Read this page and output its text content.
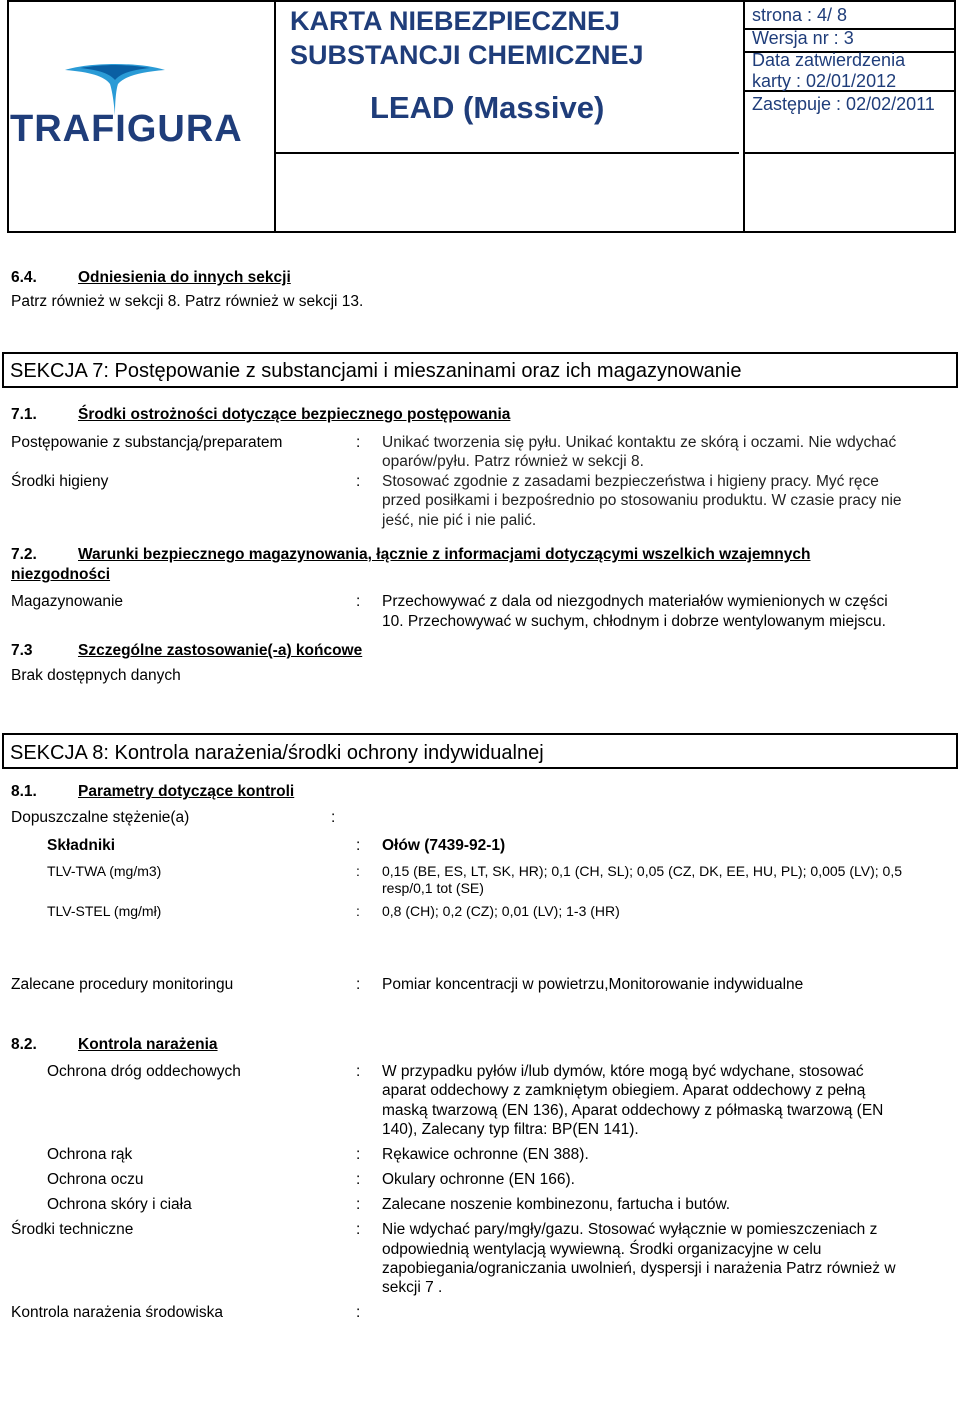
TRAFIGURA
KARTA NIEBEZPIECZNEJ
SUBSTANCJI CHEMICZNEJ
LEAD (Massive)
strona : 4/ 8
Wersja nr : 3
Data zatwierdzenia
karty : 02/01/2012
Zastępuje : 02/02/2011
6.4.	Odniesienia do innych sekcji
Patrz również w sekcji 8. Patrz również w sekcji 13.
SEKCJA 7: Postępowanie z substancjami i mieszaninami oraz ich magazynowanie
7.1.	Środki ostrożności dotyczące bezpiecznego postępowania
Postępowanie z substancją/preparatem	: Unikać tworzenia się pyłu. Unikać kontaktu ze skórą i oczami. Nie wdychać
oparów/pyłu. Patrz również w sekcji 8.
Środki higieny	: Stosować zgodnie z zasadami bezpieczeństwa i higieny pracy. Myć ręce
przed posiłkami i bezpośrednio po stosowaniu produktu. W czasie pracy nie
jeść, nie pić i nie palić.
7.2.	Warunki bezpiecznego magazynowania, łącznie z informacjami dotyczącymi wszelkich wzajemnych
niezgodności
Magazynowanie	: Przechowywać z dala od niezgodnych materiałów wymienionych w części
10. Przechowywać w suchym, chłodnym i dobrze wentylowanym miejscu.
7.3	Szczególne zastosowanie(-a) końcowe
Brak dostępnych danych
SEKCJA 8: Kontrola narażenia/środki ochrony indywidualnej
8.1.	Parametry dotyczące kontroli
Dopuszczalne stężenie(a)	:
Składniki	: Ołów (7439-92-1)
TLV-TWA (mg/m3)	: 0,15 (BE, ES, LT, SK, HR); 0,1 (CH, SL); 0,05 (CZ, DK, EE, HU, PL); 0,005 (LV); 0,5
resp/0,1 tot (SE)
TLV-STEL (mg/mł)	: 0,8 (CH); 0,2 (CZ); 0,01 (LV); 1-3 (HR)
Zalecane procedury monitoringu	: Pomiar koncentracji w powietrzu,Monitorowanie indywidualne
8.2.	Kontrola narażenia
Ochrona dróg oddechowych	: W przypadku pyłów i/lub dymów, które mogą być wdychane, stosować
aparat oddechowy z zamkniętym obiegiem. Aparat oddechowy z pełną
maską twarzową (EN 136), Aparat oddechowy z półmaską twarzową (EN
140), Zalecany typ filtra: BP(EN 141).
Ochrona rąk	: Rękawice ochronne (EN 388).
Ochrona oczu	: Okulary ochronne (EN 166).
Ochrona skóry i ciała	: Zalecane noszenie kombinezonu, fartucha i butów.
Środki techniczne	: Nie wdychać pary/mgły/gazu. Stosować wyłącznie w pomieszczeniach z
odpowiednią wentylacją wywiewną. Środki organizacyjne w celu
zapobiegania/ograniczania uwolnień, dyspersji i narażenia Patrz również w
sekcji 7 .
Kontrola narażenia środowiska	:
